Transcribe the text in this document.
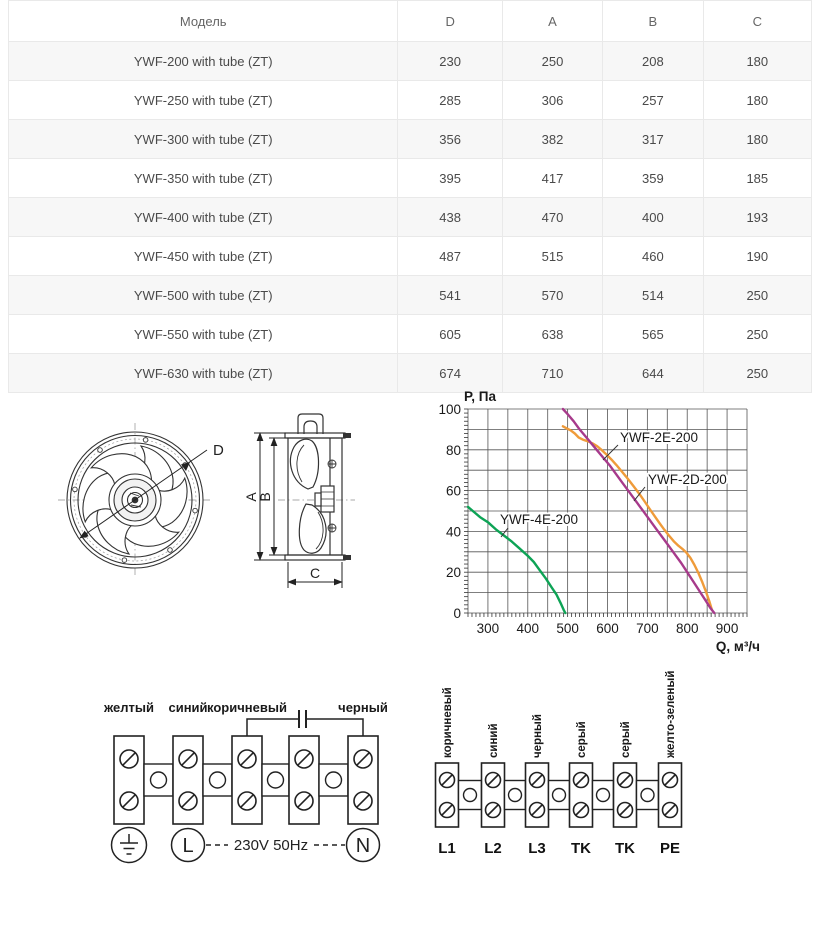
Модель	D	A	B	C
YWF-200 with tube (ZT)	230	250	208	180
YWF-250 with tube (ZT)	285	306	257	180
YWF-300 with tube (ZT)	356	382	317	180
YWF-350 with tube (ZT)	395	417	359	185
YWF-400 with tube (ZT)	438	470	400	193
YWF-450 with tube (ZT)	487	515	460	190
YWF-500 with tube (ZT)	541	570	514	250
YWF-550 with tube (ZT)	605	638	565	250
YWF-630 with tube (ZT)	674	710	644	250
D
A
B
C
300 400 500 600 700 800 900
0
20
40
60
80
100
YWF-2E-200
YWF-2D-200
YWF-4E-200
P, Па
Q, м³/ч
желтый синий коричневый	черный
L	230V 50Hz N
коричневый	синий	черный	серый	серый	желто-зеленый
L1 L2 L3 TK TK PE
